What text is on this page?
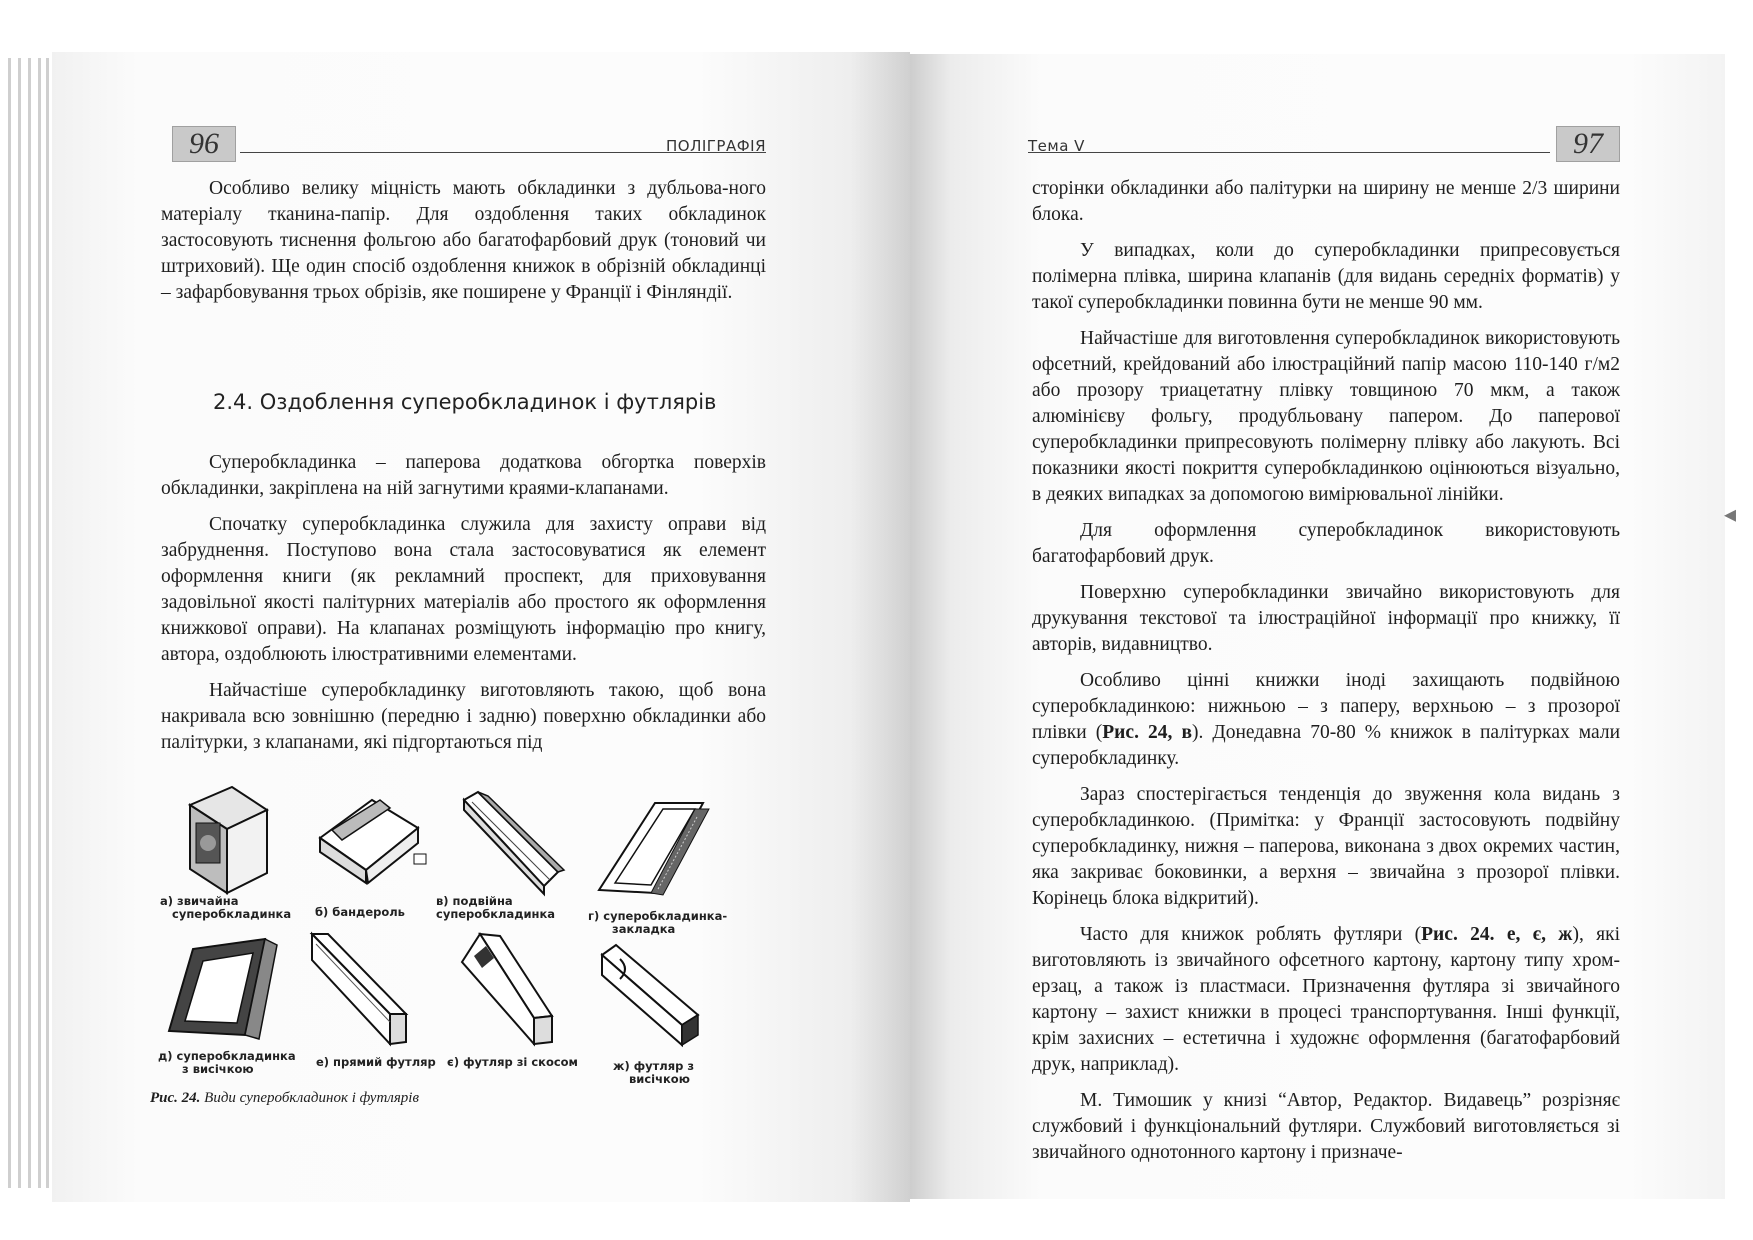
96	ПОЛІГРАФІЯ

Особливо велику міцність мають обкладинки з дубльова-ного матеріалу тканина-папір. Для оздоблення таких обкладинок застосовують тиснення фольгою або багатофарбовий друк (тоновий чи штриховий). Ще один спосіб оздоблення книжок в обрізній обкладинці – зафарбовування трьох обрізів, яке поширене у Франції і Фінляндії.

2.4. Оздоблення суперобкладинок і футлярів

Суперобкладинка – паперова додаткова обгортка поверхів обкладинки, закріплена на ній загнутими краями-клапанами.

Спочатку суперобкладинка служила для захисту оправи від забруднення. Поступово вона стала застосовуватися як елемент оформлення книги (як рекламний проспект, для приховування задовільної якості палітурних матеріалів або простого як оформлення книжкової оправи). На клапанах розміщують інформацію про книгу, автора, оздоблюють ілюстративними елементами.

Найчастіше суперобкладинку виготовляють такою, щоб вона накривала всю зовнішню (передню і задню) поверхню обкладинки або палітурки, з клапанами, які підгортаються під

а) звичайна
суперобкладинка б) бандероль
в) подвійна
суперобкладинка	г) суперобкладинка-
закладка
д) суперобкладинка
з висічкою	е) прямий футляр є) футляр зі скосом	ж) футляр з
висічкою
Рис. 24. Види суперобкладинок і футлярів
Тема V	97

сторінки обкладинки або палітурки на ширину не менше 2/3 ширини блока.

У випадках, коли до суперобкладинки припресовується полімерна плівка, ширина клапанів (для видань середніх форматів) у такої суперобкладинки повинна бути не менше 90 мм.

Найчастіше для виготовлення суперобкладинок використовують офсетний, крейдований або ілюстраційний папір масою 110-140 г/м2 або прозору триацетатну плівку товщиною 70 мкм, а також алюмінієву фольгу, продубльовану папером. До паперової суперобкладинки припресовують полімерну плівку або лакують. Всі показники якості покриття суперобкладинкою оцінюються візуально, в деяких випадках за допомогою вимірювальної лінійки.

Для оформлення суперобкладинок використовують багатофарбовий друк.

Поверхню суперобкладинки звичайно використовують для друкування текстової та ілюстраційної інформації про книжку, її авторів, видавництво.

Особливо цінні книжки іноді захищають подвійною суперобкладинкою: нижньою – з паперу, верхньою – з прозорої плівки (Рис. 24, в). Донедавна 70-80 % книжок в палітурках мали суперобкладинку.

Зараз спостерігається тенденція до звуження кола видань з суперобкладинкою. (Примітка: у Франції застосовують подвійну суперобкладинку, нижня – паперова, виконана з двох окремих частин, яка закриває боковинки, а верхня – звичайна з прозорої плівки. Корінець блока відкритий).

Часто для книжок роблять футляри (Рис. 24. е, є, ж), які виготовляють із звичайного офсетного картону, картону типу хром-ерзац, а також із пластмаси. Призначення футляра зі звичайного картону – захист книжки в процесі транспортування. Інші функції, крім захисних – естетична і художнє оформлення (багатофарбовий друк, наприклад).

М. Тимошик у книзі “Автор, Редактор. Видавець” розрізняє службовий і функціональний футляри. Службовий виготовляється зі звичайного однотонного картону і призначе-

◂
